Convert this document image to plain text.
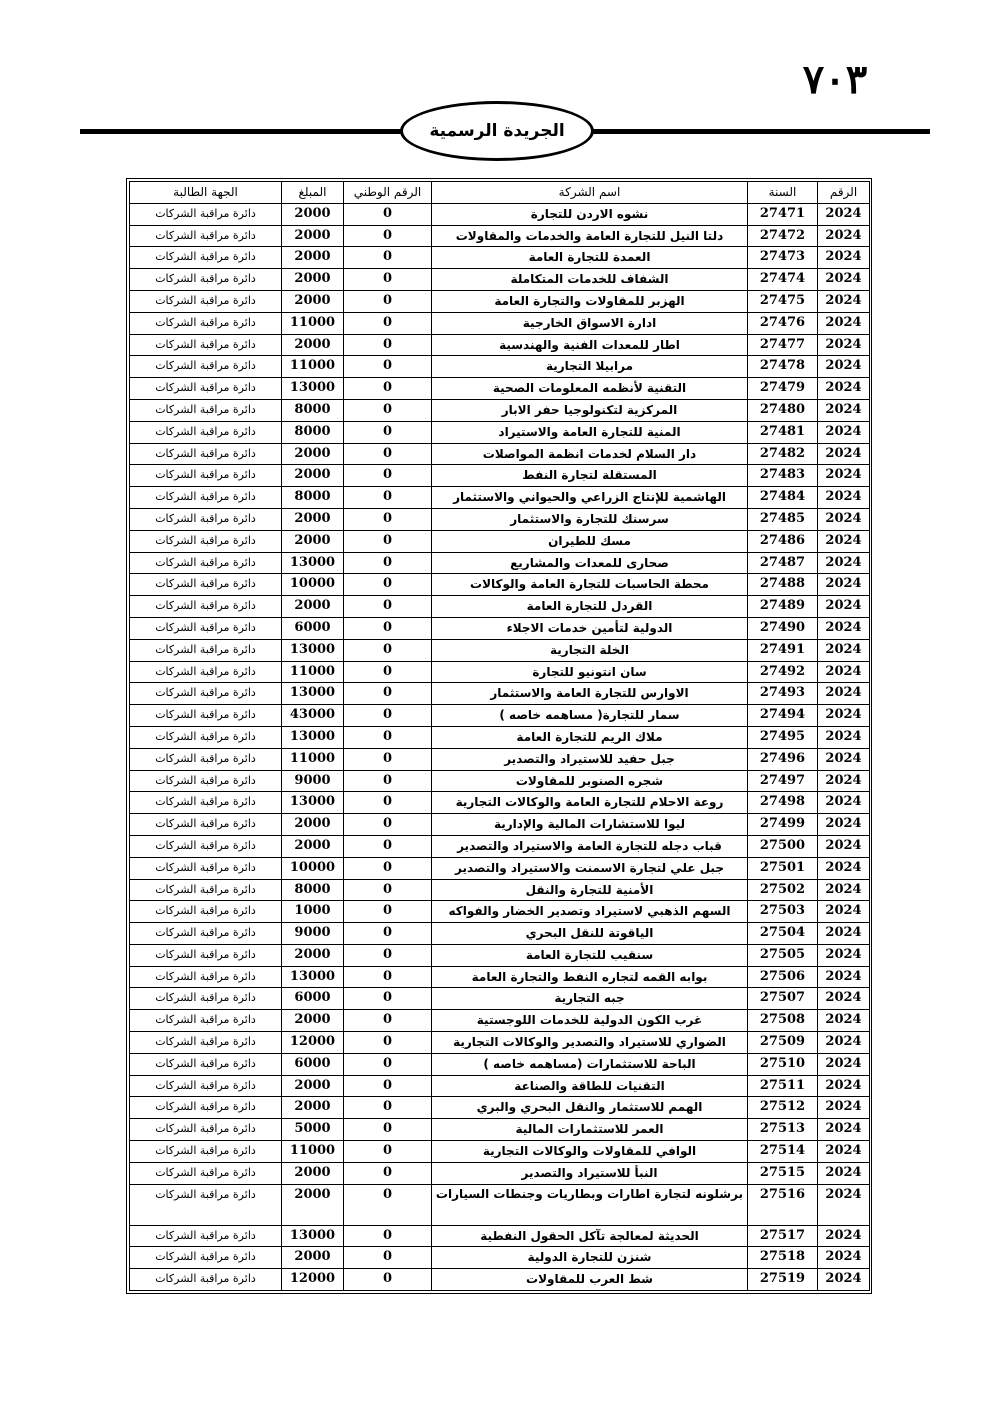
٧٠٣
الجريدة الرسمية
الرقم	السنة	اسم الشركة	الرقم الوطني	المبلغ	الجهة الطالبة
2024	27471	نشوه الاردن للتجارة	0	2000	دائرة مراقبة الشركات
2024	27472	دلتا النيل للتجارة العامة والخدمات والمقاولات	0	2000	دائرة مراقبة الشركات
2024	27473	العمدة للتجارة العامة	0	2000	دائرة مراقبة الشركات
2024	27474	الشفاف للخدمات المتكاملة	0	2000	دائرة مراقبة الشركات
2024	27475	الهزبر للمقاولات والتجارة العامة	0	2000	دائرة مراقبة الشركات
2024	27476	ادارة الاسواق الخارجية	0	11000	دائرة مراقبة الشركات
2024	27477	اطار للمعدات الفنية والهندسية	0	2000	دائرة مراقبة الشركات
2024	27478	مرابيلا التجارية	0	11000	دائرة مراقبة الشركات
2024	27479	التقنية لأنظمه المعلومات الصحية	0	13000	دائرة مراقبة الشركات
2024	27480	المركزية لتكنولوجيا حفر الابار	0	8000	دائرة مراقبة الشركات
2024	27481	المنية للتجارة العامة والاستيراد	0	8000	دائرة مراقبة الشركات
2024	27482	دار السلام لخدمات انظمة المواصلات	0	2000	دائرة مراقبة الشركات
2024	27483	المستقلة لتجارة النفط	0	2000	دائرة مراقبة الشركات
2024	27484	الهاشمية للإنتاج الزراعي والحيواني والاستثمار	0	8000	دائرة مراقبة الشركات
2024	27485	سرسنك للتجارة والاستثمار	0	2000	دائرة مراقبة الشركات
2024	27486	مسك للطيران	0	2000	دائرة مراقبة الشركات
2024	27487	صحارى للمعدات والمشاريع	0	13000	دائرة مراقبة الشركات
2024	27488	محطة الحاسبات للتجارة العامة والوكالات	0	10000	دائرة مراقبة الشركات
2024	27489	القردل للتجارة العامة	0	2000	دائرة مراقبة الشركات
2024	27490	الدولية لتأمين خدمات الاجلاء	0	6000	دائرة مراقبة الشركات
2024	27491	الخلة التجارية	0	13000	دائرة مراقبة الشركات
2024	27492	سان انتونيو للتجارة	0	11000	دائرة مراقبة الشركات
2024	27493	الاوارس للتجارة العامة والاستثمار	0	13000	دائرة مراقبة الشركات
2024	27494	سمار للتجارة( مساهمه خاصه )	0	43000	دائرة مراقبة الشركات
2024	27495	ملاك الريم للتجارة العامة	0	13000	دائرة مراقبة الشركات
2024	27496	جبل حفيد للاستيراد والتصدير	0	11000	دائرة مراقبة الشركات
2024	27497	شجره الصنوبر للمقاولات	0	9000	دائرة مراقبة الشركات
2024	27498	روعة الاحلام للتجارة العامة والوكالات التجارية	0	13000	دائرة مراقبة الشركات
2024	27499	ليوا للاستشارات المالية والإدارية	0	2000	دائرة مراقبة الشركات
2024	27500	قباب دجله للتجارة العامة والاستيراد والتصدير	0	2000	دائرة مراقبة الشركات
2024	27501	جبل علي لتجارة الاسمنت والاستيراد والتصدير	0	10000	دائرة مراقبة الشركات
2024	27502	الأمنية للتجارة والنقل	0	8000	دائرة مراقبة الشركات
2024	27503	السهم الذهبي لاستيراد وتصدير الخضار والفواكه	0	1000	دائرة مراقبة الشركات
2024	27504	الياقوتة للنقل البحري	0	9000	دائرة مراقبة الشركات
2024	27505	سنقيب للتجارة العامة	0	2000	دائرة مراقبة الشركات
2024	27506	بوابه القمه لتجاره النفط والتجارة العامة	0	13000	دائرة مراقبة الشركات
2024	27507	جبه التجارية	0	6000	دائرة مراقبة الشركات
2024	27508	غرب الكون الدولية للخدمات اللوجستية	0	2000	دائرة مراقبة الشركات
2024	27509	الضواري للاستيراد والتصدير والوكالات التجارية	0	12000	دائرة مراقبة الشركات
2024	27510	الباحة للاستثمارات (مساهمه خاصه )	0	6000	دائرة مراقبة الشركات
2024	27511	التقنيات للطاقة والصناعة	0	2000	دائرة مراقبة الشركات
2024	27512	الهمم للاستثمار والنقل البحري والبري	0	2000	دائرة مراقبة الشركات
2024	27513	العمر للاستثمارات المالية	0	5000	دائرة مراقبة الشركات
2024	27514	الوافي للمقاولات والوكالات التجارية	0	11000	دائرة مراقبة الشركات
2024	27515	النبأ للاستيراد والتصدير	0	2000	دائرة مراقبة الشركات
2024	27516	برشلونه لتجارة اطارات وبطاريات وجنطات السيارات	0	2000	دائرة مراقبة الشركات
2024	27517	الحديثة لمعالجة تآكل الحقول النفطية	0	13000	دائرة مراقبة الشركات
2024	27518	شنزن للتجارة الدولية	0	2000	دائرة مراقبة الشركات
2024	27519	شط العرب للمقاولات	0	12000	دائرة مراقبة الشركات
